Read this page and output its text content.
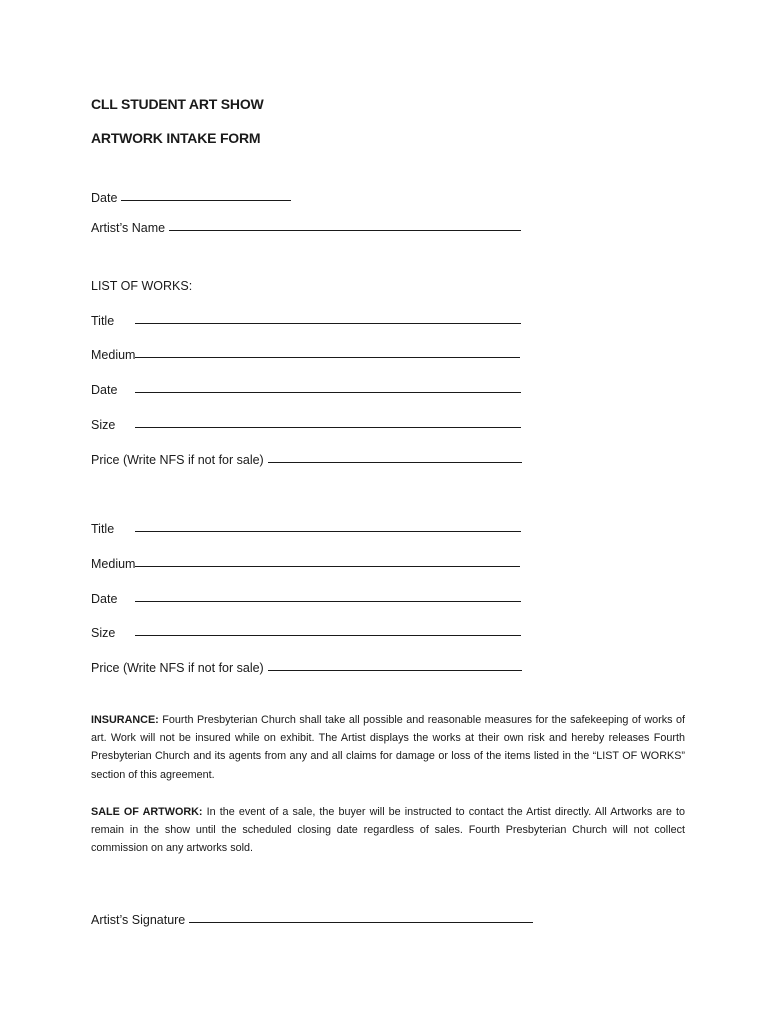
CLL STUDENT ART SHOW
ARTWORK INTAKE FORM
Date
Artist’s Name
LIST OF WORKS:
Title
Medium
Date
Size
Price (Write NFS if not for sale)
Title
Medium
Date
Size
Price (Write NFS if not for sale)
INSURANCE: Fourth Presbyterian Church shall take all possible and reasonable measures for the safekeeping of works of art. Work will not be insured while on exhibit. The Artist displays the works at their own risk and hereby releases Fourth Presbyterian Church and its agents from any and all claims for damage or loss of the items listed in the “LIST OF WORKS” section of this agreement.
SALE OF ARTWORK: In the event of a sale, the buyer will be instructed to contact the Artist directly. All Artworks are to remain in the show until the scheduled closing date regardless of sales. Fourth Presbyterian Church will not collect commission on any artworks sold.
Artist’s Signature
